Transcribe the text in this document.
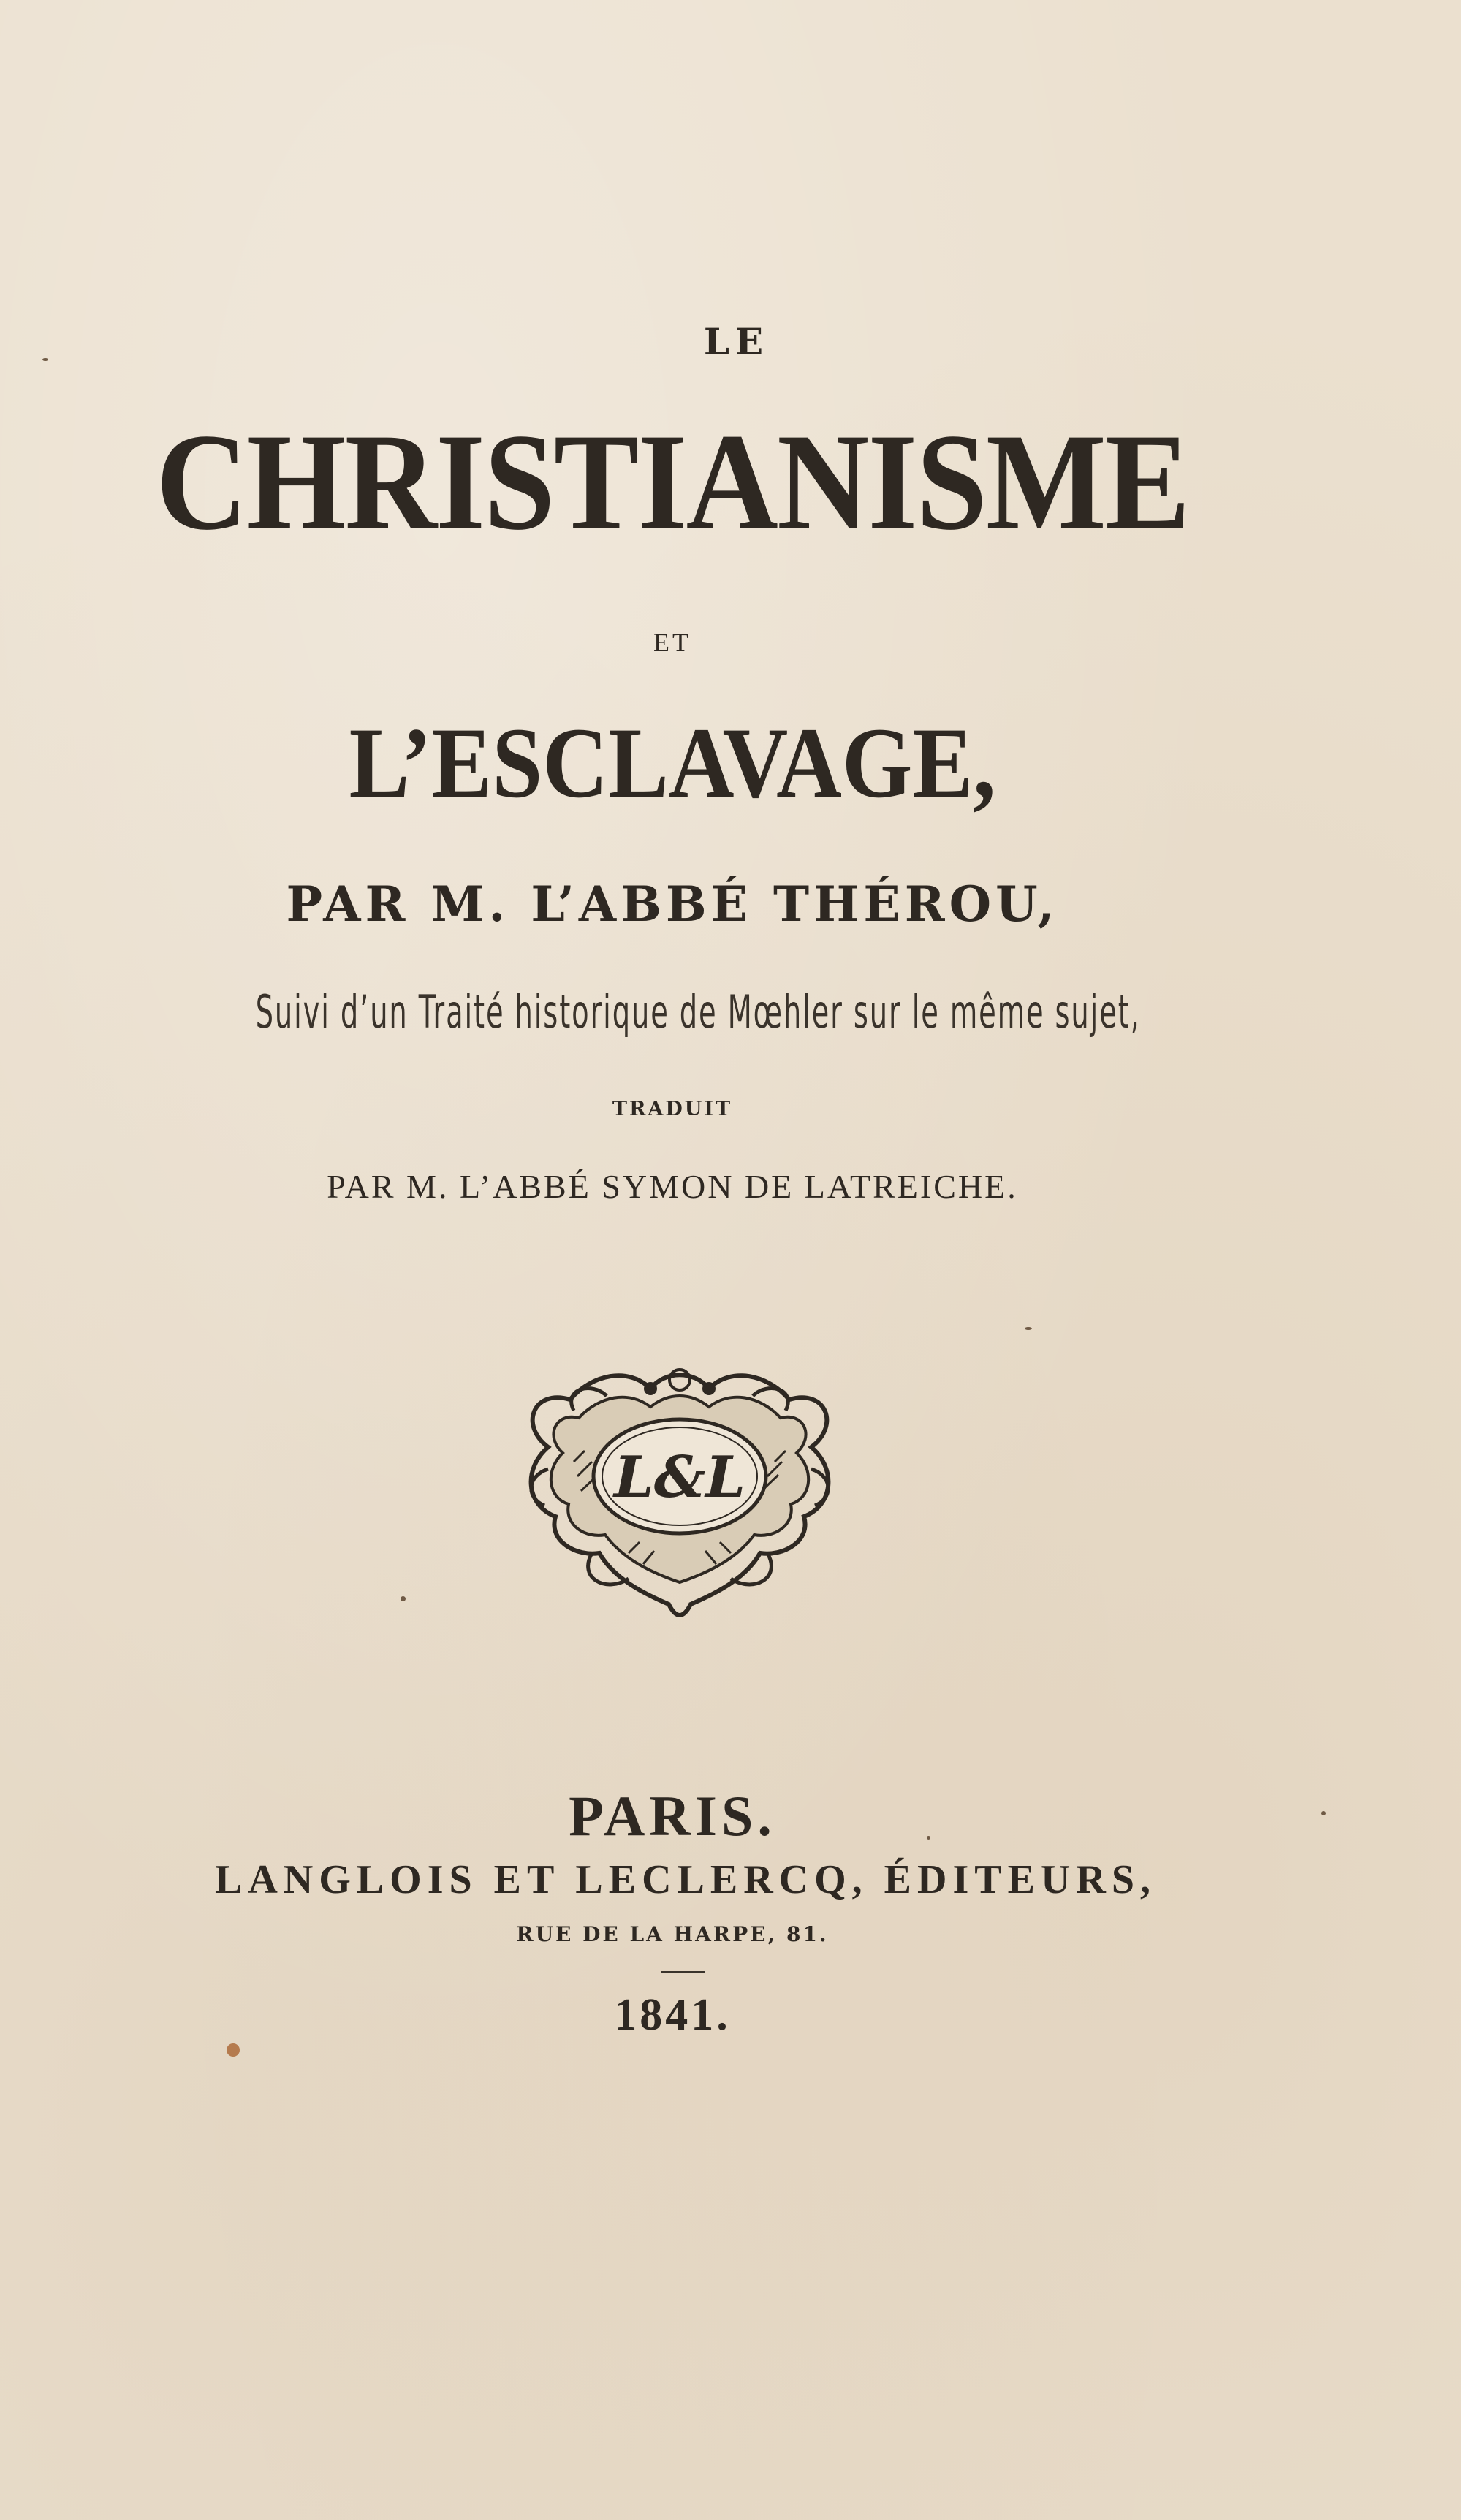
LE
CHRISTIANISME
ET
L’ESCLAVAGE,
PAR M. L’ABBÉ THÉROU,
Suivi d’un Traité historique de Mœhler sur le même sujet,
TRADUIT
PAR M. L’ABBÉ SYMON DE LATREICHE.
L&L
PARIS.
LANGLOIS ET LECLERCQ, ÉDITEURS,
RUE DE LA HARPE, 81.
1841.
